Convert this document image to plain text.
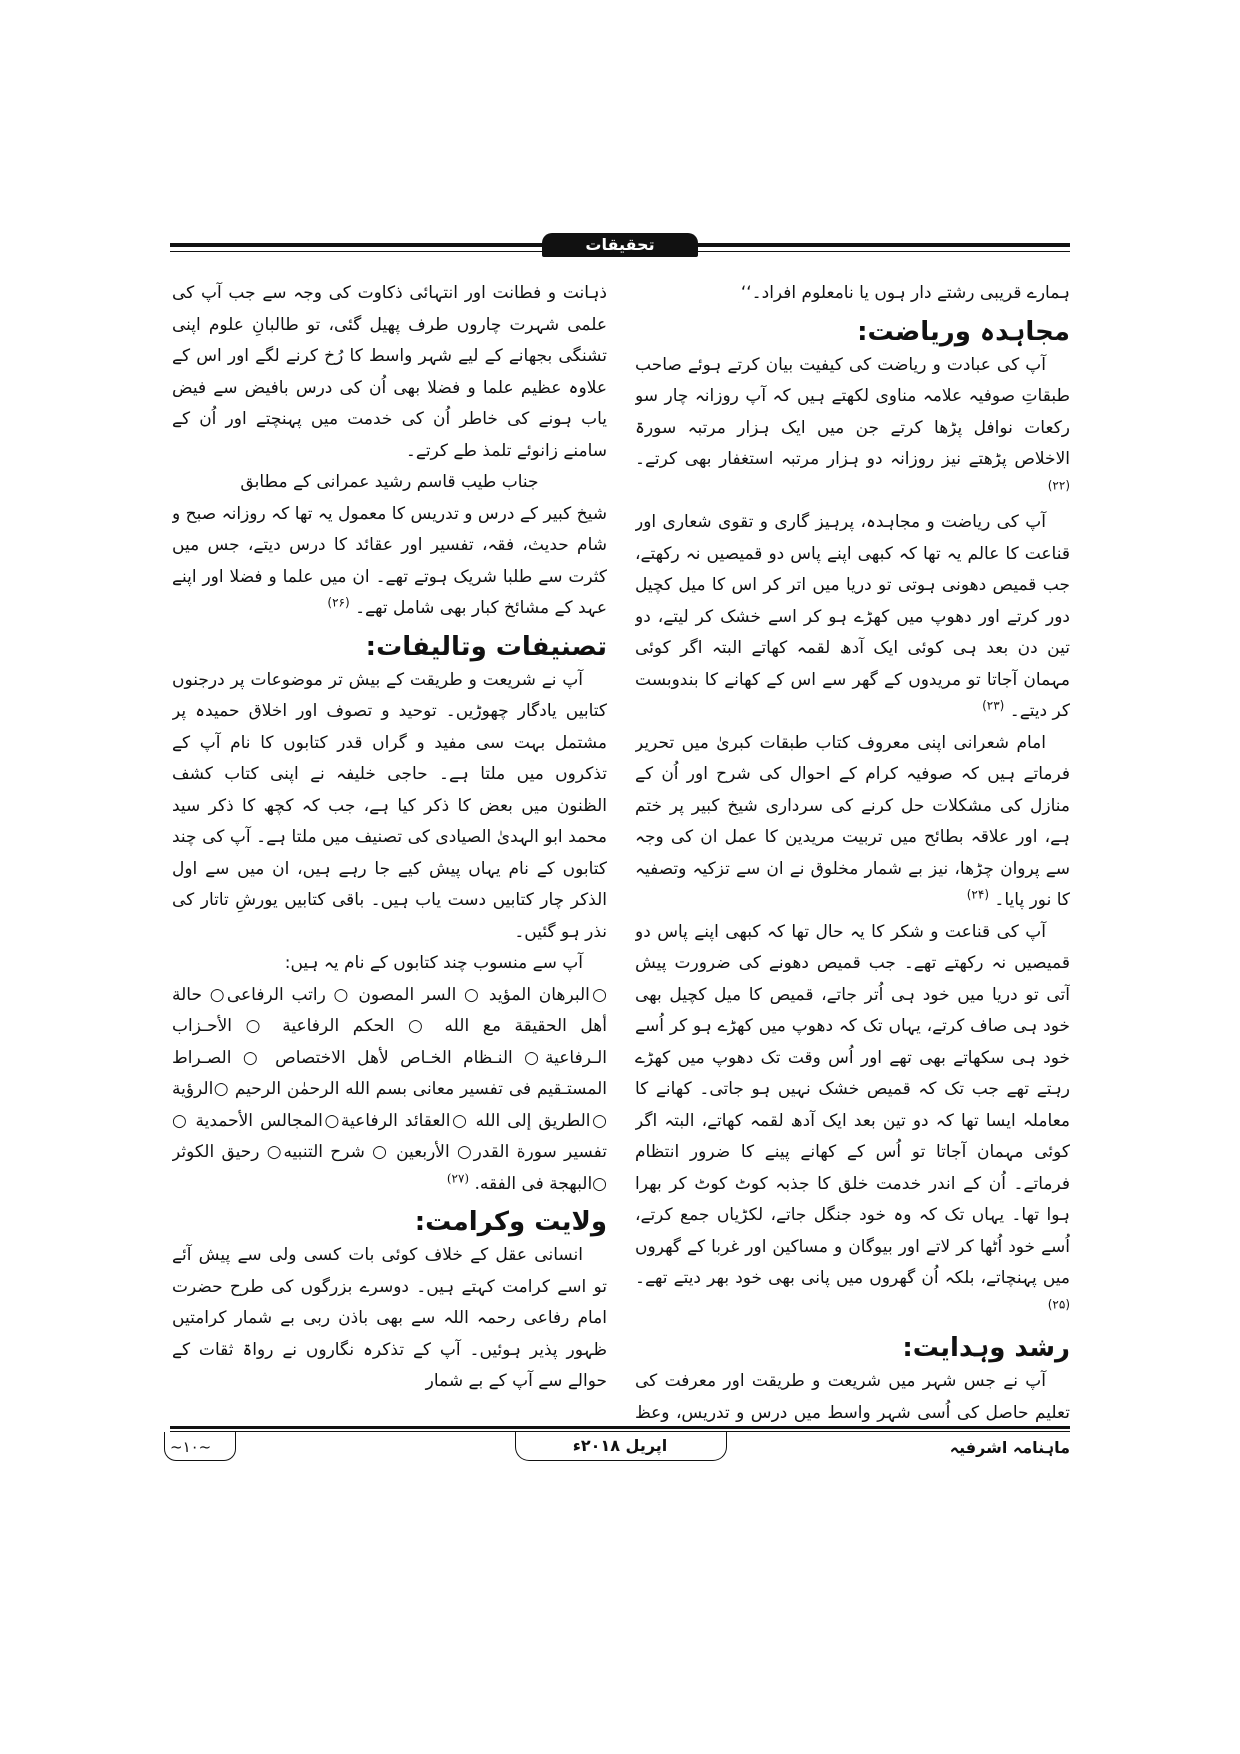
تحقیقات

ہمارے قریبی رشتے دار ہوں یا نامعلوم افراد۔‘‘

مجاہدہ وریاضت:

آپ کی عبادت و ریاضت کی کیفیت بیان کرتے ہوئے صاحب طبقاتِ صوفیہ علامہ مناوی لکھتے ہیں کہ آپ روزانہ چار سو رکعات نوافل پڑھا کرتے جن میں ایک ہزار مرتبہ سورۃ الاخلاص پڑھتے نیز روزانہ دو ہزار مرتبہ استغفار بھی کرتے۔ $^{(۲۲)}$

آپ کی ریاضت و مجاہدہ، پرہیز گاری و تقوی شعاری اور قناعت کا عالم یہ تھا کہ کبھی اپنے پاس دو قمیصیں نہ رکھتے، جب قمیص دھونی ہوتی تو دریا میں اتر کر اس کا میل کچیل دور کرتے اور دھوپ میں کھڑے ہو کر اسے خشک کر لیتے، دو تین دن بعد ہی کوئی ایک آدھ لقمہ کھاتے البتہ اگر کوئی مہمان آجاتا تو مریدوں کے گھر سے اس کے کھانے کا بندوبست کر دیتے۔ $^{(۲۳)}$

امام شعرانی اپنی معروف کتاب طبقات کبریٰ میں تحریر فرماتے ہیں کہ صوفیہ کرام کے احوال کی شرح اور اُن کے منازل کی مشکلات حل کرنے کی سرداری شیخ کبیر پر ختم ہے، اور علاقہ بطائح میں تربیت مریدین کا عمل ان کی وجہ سے پروان چڑھا، نیز بے شمار مخلوق نے ان سے تزکیہ وتصفیہ کا نور پایا۔ $^{(۲۴)}$

آپ کی قناعت و شکر کا یہ حال تھا کہ کبھی اپنے پاس دو قمیصیں نہ رکھتے تھے۔ جب قمیص دھونے کی ضرورت پیش آتی تو دریا میں خود ہی اُتر جاتے، قمیص کا میل کچیل بھی خود ہی صاف کرتے، یہاں تک کہ دھوپ میں کھڑے ہو کر اُسے خود ہی سکھاتے بھی تھے اور اُس وقت تک دھوپ میں کھڑے رہتے تھے جب تک کہ قمیص خشک نہیں ہو جاتی۔ کھانے کا معاملہ ایسا تھا کہ دو تین بعد ایک آدھ لقمہ کھاتے، البتہ اگر کوئی مہمان آجاتا تو اُس کے کھانے پینے کا ضرور انتظام فرماتے۔ اُن کے اندر خدمت خلق کا جذبہ کوٹ کوٹ کر بھرا ہوا تھا۔ یہاں تک کہ وہ خود جنگل جاتے، لکڑیاں جمع کرتے، اُسے خود اُٹھا کر لاتے اور بیوگان و مساکین اور غربا کے گھروں میں پہنچاتے، بلکہ اُن گھروں میں پانی بھی خود بھر دیتے تھے۔ $^{(۲۵)}$

رشد وہدایت:

آپ نے جس شہر میں شریعت و طریقت اور معرفت کی تعلیم حاصل کی اُسی شہر واسط میں درس و تدریس، وعظ

ذہانت و فطانت اور انتہائی ذکاوت کی وجہ سے جب آپ کی علمی شہرت چاروں طرف پھیل گئی، تو طالبانِ علوم اپنی تشنگی بجھانے کے لیے شہر واسط کا رُخ کرنے لگے اور اس کے علاوہ عظیم علما و فضلا بھی اُن کی درس بافیض سے فیض یاب ہونے کی خاطر اُن کی خدمت میں پہنچتے اور اُن کے سامنے زانوئے تلمذ طے کرتے۔

جناب طیب قاسم رشید عمرانی کے مطابق

شیخ کبیر کے درس و تدریس کا معمول یہ تھا کہ روزانہ صبح و شام حدیث، فقہ، تفسیر اور عقائد کا درس دیتے، جس میں کثرت سے طلبا شریک ہوتے تھے۔ ان میں علما و فضلا اور اپنے عہد کے مشائخ کبار بھی شامل تھے۔ $^{(۲۶)}$

تصنیفات وتالیفات:

آپ نے شریعت و طریقت کے بیش تر موضوعات پر درجنوں کتابیں یادگار چھوڑیں۔ توحید و تصوف اور اخلاق حمیدہ پر مشتمل بہت سی مفید و گراں قدر کتابوں کا نام آپ کے تذکروں میں ملتا ہے۔ حاجی خلیفہ نے اپنی کتاب کشف الظنون میں بعض کا ذکر کیا ہے، جب کہ کچھ کا ذکر سید محمد ابو الہدیٰ الصیادی کی تصنیف میں ملتا ہے۔ آپ کی چند کتابوں کے نام یہاں پیش کیے جا رہے ہیں، ان میں سے اول الذکر چار کتابیں دست یاب ہیں۔ باقی کتابیں یورشِ تاتار کی نذر ہو گئیں۔

آپ سے منسوب چند کتابوں کے نام یہ ہیں:

○البرهان المؤيد ○ السر المصون ○ راتب الرفاعی○ حالة أهل الحقيقة مع الله ○ الحكم الرفاعية ○ الأحـزاب الـرفاعية○ النـظام الخـاص لأهل الاختصاص ○ الصـراط المستـقيم فی تفسير معانی بسم الله الرحمٰن الرحيم ○الرؤية ○الطريق إلى الله ○العقائد الرفاعية○المجالس الأحمدية ○ تفسير سورة القدر○ الأربعين ○ شرح التنبيه○ رحيق الكوثر ○البهجة فی الفقه. $^{(۲۷)}$

ولایت وکرامت:

انسانی عقل کے خلاف کوئی بات کسی ولی سے پیش آئے تو اسے کرامت کہتے ہیں۔ دوسرے بزرگوں کی طرح حضرت امام رفاعی رحمہ اللہ سے بھی باذن ربی بے شمار کرامتیں ظہور پذیر ہوئیں۔ آپ کے تذکرہ نگاروں نے رواۃ ثقات کے حوالے سے آپ کے بے شمار

ماہنامہ اشرفیہ
اپریل ۲۰۱۸ء
~۱۰~
